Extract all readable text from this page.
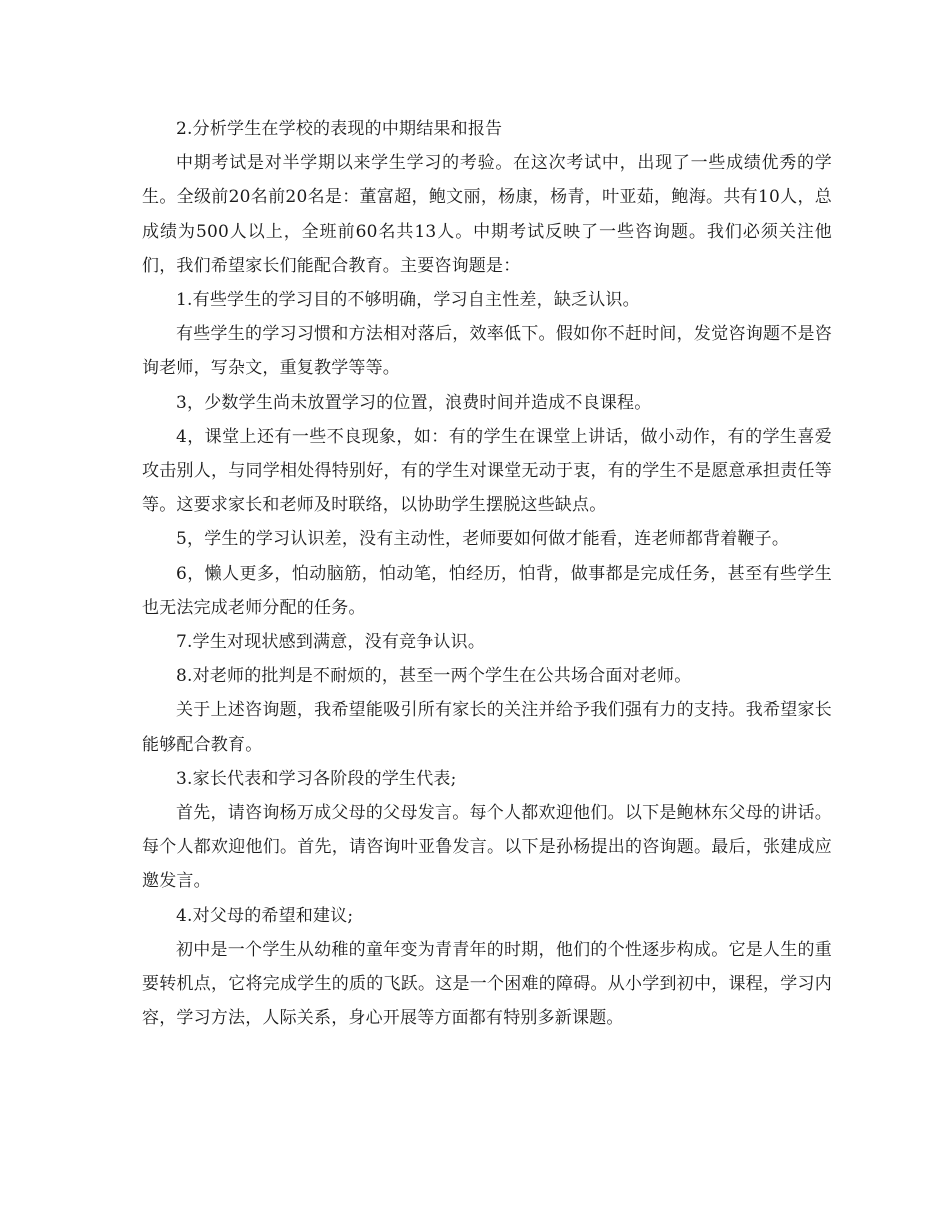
2.分析学生在学校的表现的中期结果和报告

中期考试是对半学期以来学生学习的考验。在这次考试中，出现了一些成绩优秀的学生。全级前20名前20名是：董富超，鲍文丽，杨康，杨青，叶亚茹，鲍海。共有10人，总成绩为500人以上，全班前60名共13人。中期考试反映了一些咨询题。我们必须关注他们，我们希望家长们能配合教育。主要咨询题是：

1.有些学生的学习目的不够明确，学习自主性差，缺乏认识。

有些学生的学习习惯和方法相对落后，效率低下。假如你不赶时间，发觉咨询题不是咨询老师，写杂文，重复教学等等。

3，少数学生尚未放置学习的位置，浪费时间并造成不良课程。

4，课堂上还有一些不良现象，如：有的学生在课堂上讲话，做小动作，有的学生喜爱攻击别人，与同学相处得特别好，有的学生对课堂无动于衷，有的学生不是愿意承担责任等等。这要求家长和老师及时联络，以协助学生摆脱这些缺点。

5，学生的学习认识差，没有主动性，老师要如何做才能看，连老师都背着鞭子。

6，懒人更多，怕动脑筋，怕动笔，怕经历，怕背，做事都是完成任务，甚至有些学生也无法完成老师分配的任务。

7.学生对现状感到满意，没有竞争认识。

8.对老师的批判是不耐烦的，甚至一两个学生在公共场合面对老师。

关于上述咨询题，我希望能吸引所有家长的关注并给予我们强有力的支持。我希望家长能够配合教育。

3.家长代表和学习各阶段的学生代表;

首先，请咨询杨万成父母的父母发言。每个人都欢迎他们。以下是鲍林东父母的讲话。每个人都欢迎他们。首先，请咨询叶亚鲁发言。以下是孙杨提出的咨询题。最后，张建成应邀发言。

4.对父母的希望和建议;

初中是一个学生从幼稚的童年变为青青年的时期，他们的个性逐步构成。它是人生的重要转机点，它将完成学生的质的飞跃。这是一个困难的障碍。从小学到初中，课程，学习内容，学习方法，人际关系，身心开展等方面都有特别多新课题。
